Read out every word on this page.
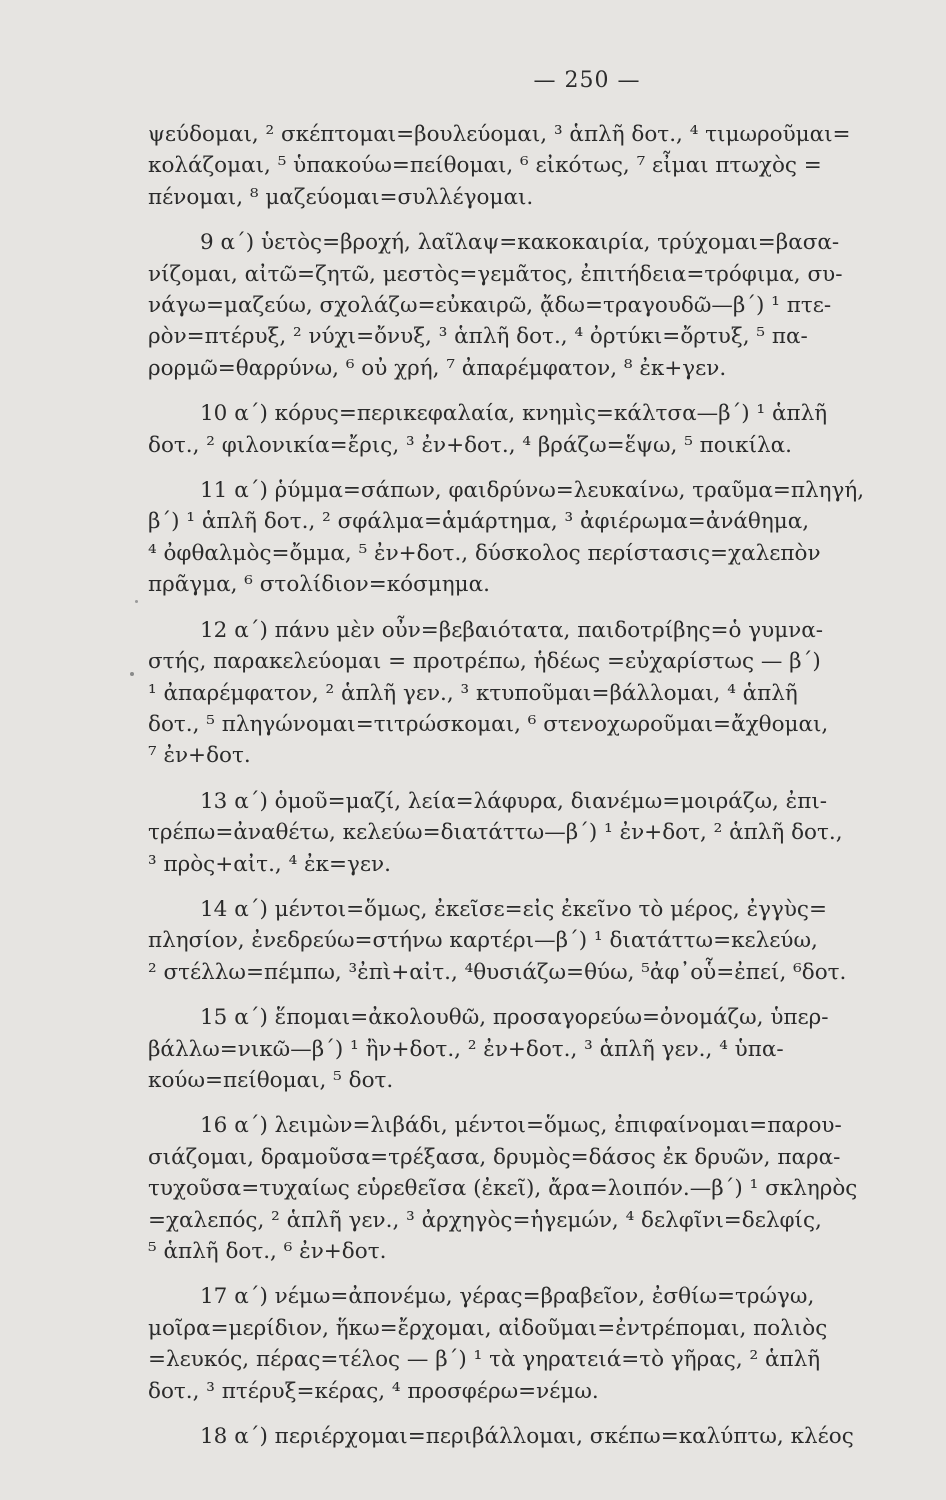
— 250 —
ψεύδομαι, ² σκέπτομαι=βουλεύομαι, ³ ἁπλῆ δοτ., ⁴ τιμωροῦμαι=
κολάζομαι, ⁵ ὑπακούω=πείθομαι, ⁶ εἰκότως, ⁷ εἶμαι πτωχὸς =
πένομαι, ⁸ μαζεύομαι=συλλέγομαι.
9 α΄) ὑετὸς=βροχή, λαῖλαψ=κακοκαιρία, τρύχομαι=βασα-
νίζομαι, αἰτῶ=ζητῶ, μεστὸς=γεμᾶτος, ἐπιτήδεια=τρόφιμα, συ-
νάγω=μαζεύω, σχολάζω=εὐκαιρῶ, ᾄδω=τραγουδῶ—β΄) ¹ πτε-
ρὸν=πτέρυξ, ² νύχι=ὄνυξ, ³ ἁπλῆ δοτ., ⁴ ὀρτύκι=ὄρτυξ, ⁵ πα-
ρορμῶ=θαρρύνω, ⁶ οὐ χρή, ⁷ ἀπαρέμφατον, ⁸ ἐκ+γεν.
10 α΄) κόρυς=περικεφαλαία, κνημὶς=κάλτσα—β΄) ¹ ἁπλῆ
δοτ., ² φιλονικία=ἔρις, ³ ἐν+δοτ., ⁴ βράζω=ἕψω, ⁵ ποικίλα.
11 α΄) ῥύμμα=σάπων, φαιδρύνω=λευκαίνω, τραῦμα=πληγή,
β΄) ¹ ἁπλῆ δοτ., ² σφάλμα=ἁμάρτημα, ³ ἀφιέρωμα=ἀνάθημα,
⁴ ὀφθαλμὸς=ὄμμα, ⁵ ἐν+δοτ., δύσκολος περίστασις=χαλεπὸν
πρᾶγμα, ⁶ στολίδιον=κόσμημα.
12 α΄) πάνυ μὲν οὖν=βεβαιότατα, παιδοτρίβης=ὁ γυμνα-
στής, παρακελεύομαι = προτρέπω, ἡδέως =εὐχαρίστως — β΄)
¹ ἀπαρέμφατον, ² ἁπλῆ γεν., ³ κτυποῦμαι=βάλλομαι, ⁴ ἁπλῆ
δοτ., ⁵ πληγώνομαι=τιτρώσκομαι, ⁶ στενοχωροῦμαι=ἄχθομαι,
⁷ ἐν+δοτ.
13 α΄) ὁμοῦ=μαζί, λεία=λάφυρα, διανέμω=μοιράζω, ἐπι-
τρέπω=ἀναθέτω, κελεύω=διατάττω—β΄) ¹ ἐν+δοτ, ² ἁπλῆ δοτ.,
³ πρὸς+αἰτ., ⁴ ἐκ=γεν.
14 α΄) μέντοι=ὅμως, ἐκεῖσε=εἰς ἐκεῖνο τὸ μέρος, ἐγγὺς=
πλησίον, ἐνεδρεύω=στήνω καρτέρι—β΄) ¹ διατάττω=κελεύω,
² στέλλω=πέμπω, ³ἐπὶ+αἰτ., ⁴θυσιάζω=θύω, ⁵ἀφ᾽οὗ=ἐπεί, ⁶δοτ.
15 α΄) ἕπομαι=ἀκολουθῶ, προσαγορεύω=ὀνομάζω, ὑπερ-
βάλλω=νικῶ—β΄) ¹ ἢν+δοτ., ² ἐν+δοτ., ³ ἁπλῆ γεν., ⁴ ὑπα-
κούω=πείθομαι, ⁵ δοτ.
16 α΄) λειμὼν=λιβάδι, μέντοι=ὅμως, ἐπιφαίνομαι=παρου-
σιάζομαι, δραμοῦσα=τρέξασα, δρυμὸς=δάσος ἐκ δρυῶν, παρα-
τυχοῦσα=τυχαίως εὑρεθεῖσα (ἐκεῖ), ἄρα=λοιπόν.—β΄) ¹ σκληρὸς
=χαλεπός, ² ἁπλῆ γεν., ³ ἀρχηγὸς=ἡγεμών, ⁴ δελφῖνι=δελφίς,
⁵ ἁπλῆ δοτ., ⁶ ἐν+δοτ.
17 α΄) νέμω=ἀπονέμω, γέρας=βραβεῖον, ἐσθίω=τρώγω,
μοῖρα=μερίδιον, ἥκω=ἔρχομαι, αἰδοῦμαι=ἐντρέπομαι, πολιὸς
=λευκός, πέρας=τέλος — β΄) ¹ τὰ γηρατειά=τὸ γῆρας, ² ἁπλῆ
δοτ., ³ πτέρυξ=κέρας, ⁴ προσφέρω=νέμω.
18 α΄) περιέρχομαι=περιβάλλομαι, σκέπω=καλύπτω, κλέος
